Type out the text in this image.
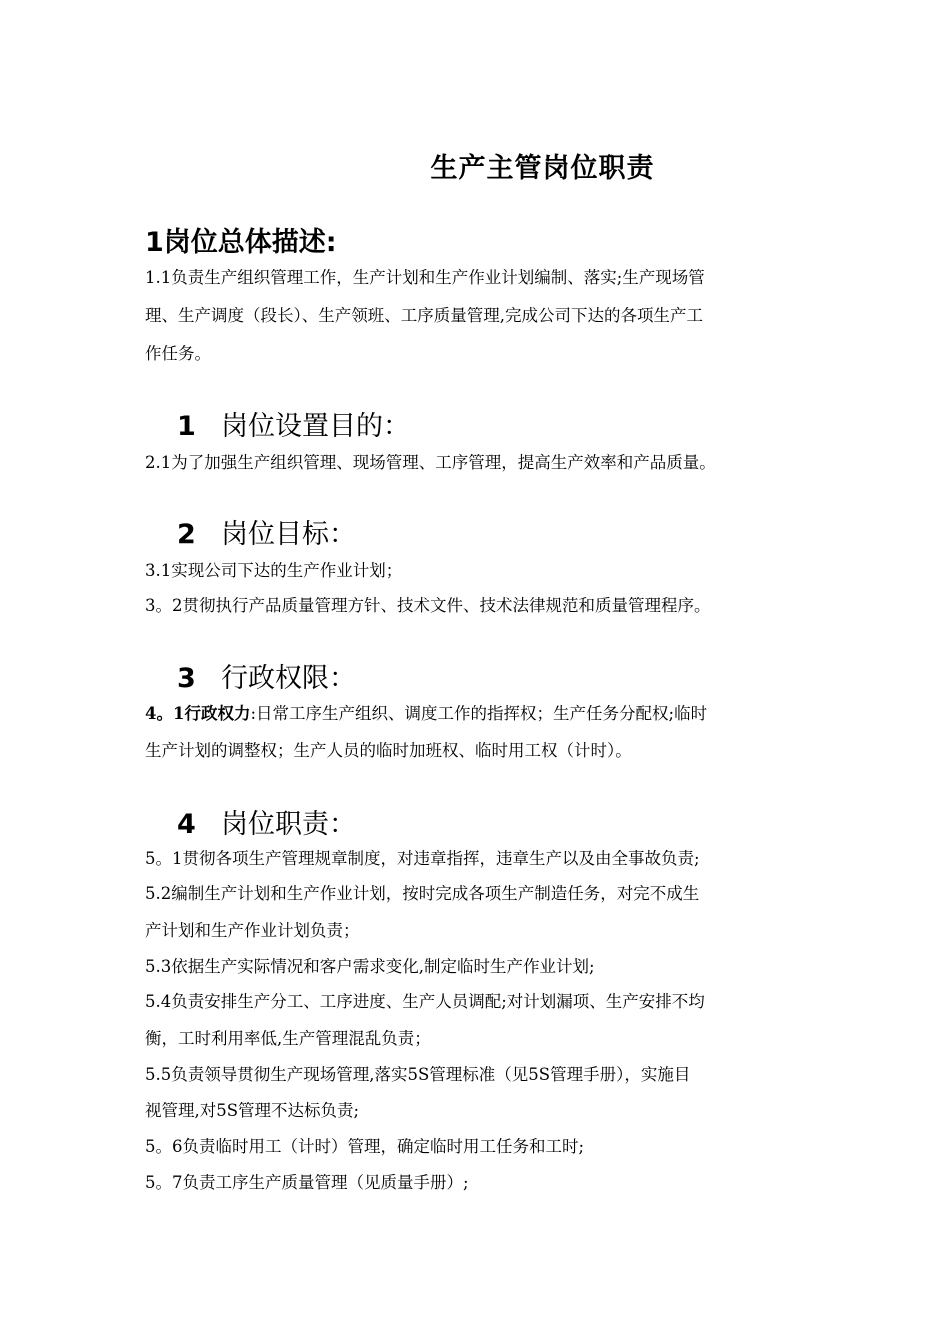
生产主管岗位职责
1岗位总体描述:
1.1负责生产组织管理工作，生产计划和生产作业计划编制、落实;生产现场管
理、生产调度（段长）、生产领班、工序质量管理,完成公司下达的各项生产工
作任务。
1 岗位设置目的：
2.1为了加强生产组织管理、现场管理、工序管理，提高生产效率和产品质量。
2 岗位目标：
3.1实现公司下达的生产作业计划；
3。2贯彻执行产品质量管理方针、技术文件、技术法律规范和质量管理程序。
3 行政权限：
4。1行政权力:日常工序生产组织、调度工作的指挥权；生产任务分配权;临时
生产计划的调整权；生产人员的临时加班权、临时用工权（计时）。
4 岗位职责：
5。1贯彻各项生产管理规章制度，对违章指挥，违章生产以及由全事故负责;
5.2编制生产计划和生产作业计划，按时完成各项生产制造任务，对完不成生
产计划和生产作业计划负责；
5.3依据生产实际情况和客户需求变化,制定临时生产作业计划;
5.4负责安排生产分工、工序进度、生产人员调配;对计划漏项、生产安排不均
衡，工时利用率低,生产管理混乱负责；
5.5负责领导贯彻生产现场管理,落实5S管理标准（见5S管理手册），实施目
视管理,对5S管理不达标负责;
5。6负责临时用工（计时）管理，确定临时用工任务和工时;
5。7负责工序生产质量管理（见质量手册）;
